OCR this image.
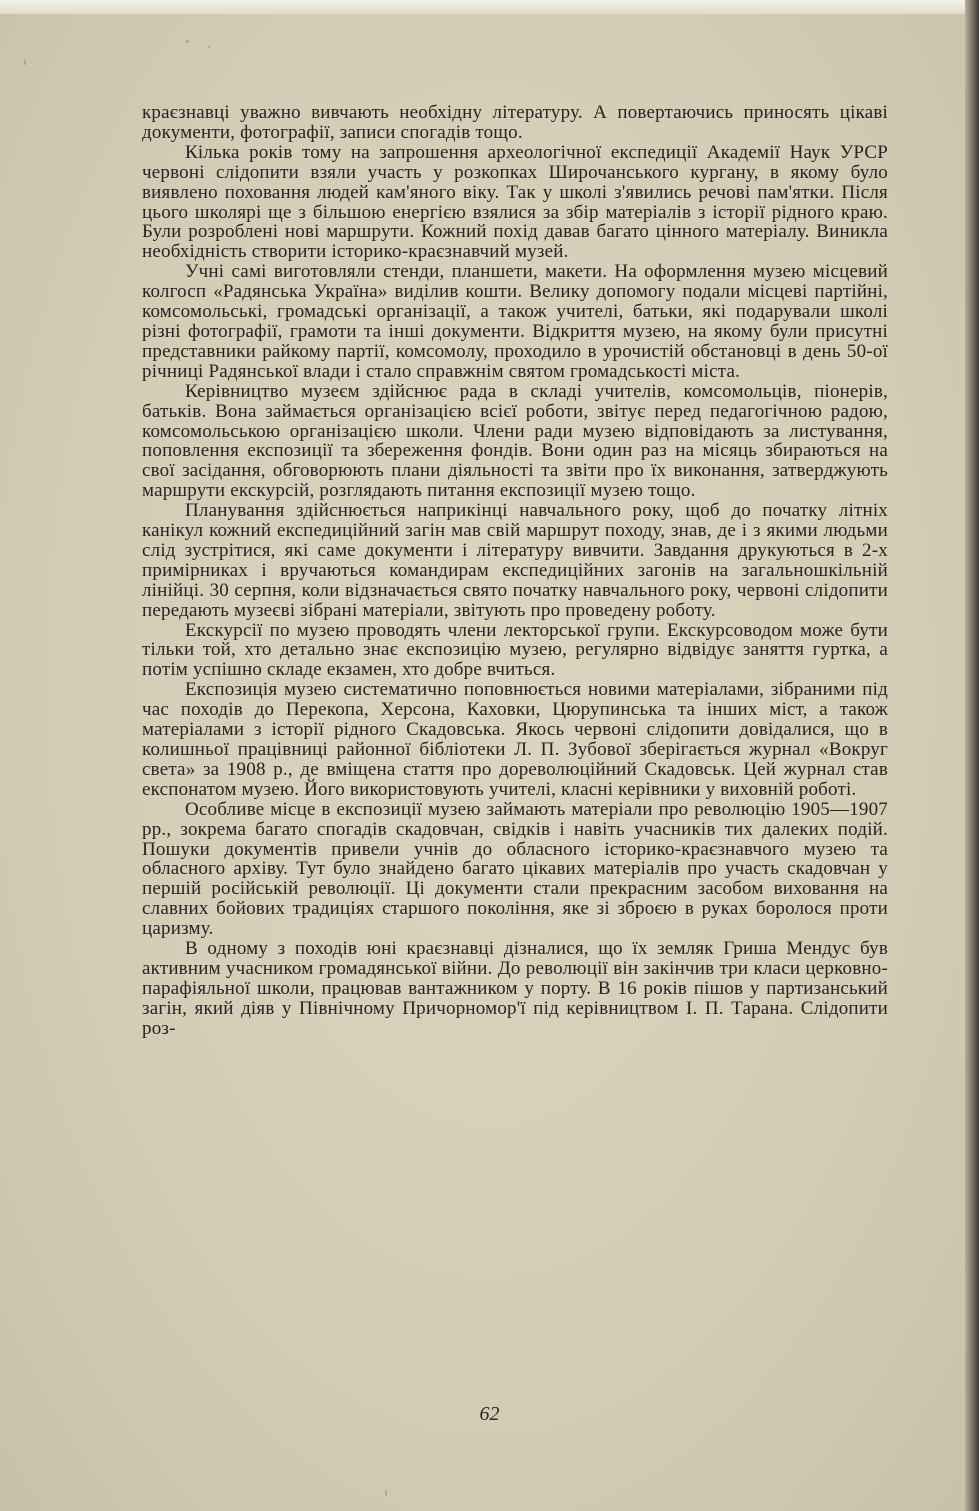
краєзнавці уважно вивчають необхідну літературу. А повертаючись приносять цікаві документи, фотографії, записи спогадів тощо.

Кілька років тому на запрошення археологічної експедиції Академії Наук УРСР червоні слідопити взяли участь у розкопках Широчанського кургану, в якому було виявлено поховання людей кам'яного віку. Так у школі з'явились речові пам'ятки. Після цього школярі ще з більшою енергією взялися за збір матеріалів з історії рідного краю. Були розроблені нові маршрути. Кожний похід давав багато цінного матеріалу. Виникла необхідність створити історико-краєзнавчий музей.

Учні самі виготовляли стенди, планшети, макети. На оформлення музею місцевий колгосп «Радянська Україна» виділив кошти. Велику допомогу подали місцеві партійні, комсомольські, громадські організації, а також учителі, батьки, які подарували школі різні фотографії, грамоти та інші документи. Відкриття музею, на якому були присутні представники райкому партії, комсомолу, проходило в урочистій обстановці в день 50-ої річниці Радянської влади і стало справжнім святом громадськості міста.

Керівництво музеєм здійснює рада в складі учителів, комсомольців, піонерів, батьків. Вона займається організацією всієї роботи, звітує перед педагогічною радою, комсомольською організацією школи. Члени ради музею відповідають за листування, поповлення експозиції та збереження фондів. Вони один раз на місяць збираються на свої засідання, обговорюють плани діяльності та звіти про їх виконання, затверджують маршрути екскурсій, розглядають питання експозиції музею тощо.

Планування здійснюється наприкінці навчального року, щоб до початку літніх канікул кожний експедиційний загін мав свій маршрут походу, знав, де і з якими людьми слід зустрітися, які саме документи і літературу вивчити. Завдання друкуються в 2-х примірниках і вручаються командирам експедиційних загонів на загальношкільній лінійці. 30 серпня, коли відзначається свято початку навчального року, червоні слідопити передають музеєві зібрані матеріали, звітують про проведену роботу.

Екскурсії по музею проводять члени лекторської групи. Екскурсоводом може бути тільки той, хто детально знає експозицію музею, регулярно відвідує заняття гуртка, а потім успішно складе екзамен, хто добре вчиться.

Експозиція музею систематично поповнюється новими матеріалами, зібраними під час походів до Перекопа, Херсона, Каховки, Цюрупинська та інших міст, а також матеріалами з історії рідного Скадовська. Якось червоні слідопити довідалися, що в колишньої працівниці районної бібліотеки Л. П. Зубової зберігається журнал «Вокруг света» за 1908 р., де вміщена стаття про дореволюційний Скадовськ. Цей журнал став експонатом музею. Його використовують учителі, класні керівники у виховній роботі.

Особливе місце в експозиції музею займають матеріали про революцію 1905—1907 рр., зокрема багато спогадів скадовчан, свідків і навіть учасників тих далеких подій. Пошуки документів привели учнів до обласного історико-краєзнавчого музею та обласного архіву. Тут було знайдено багато цікавих матеріалів про участь скадовчан у першій російській революції. Ці документи стали прекрасним засобом виховання на славних бойових традиціях старшого покоління, яке зі зброєю в руках боролося проти царизму.

В одному з походів юні краєзнавці дізналися, що їх земляк Гриша Мендус був активним учасником громадянської війни. До революції він закінчив три класи церковно-парафіяльної школи, працював вантажником у порту. В 16 років пішов у партизанський загін, який діяв у Північному Причорномор'ї під керівництвом І. П. Тарана. Слідопити роз-

62
